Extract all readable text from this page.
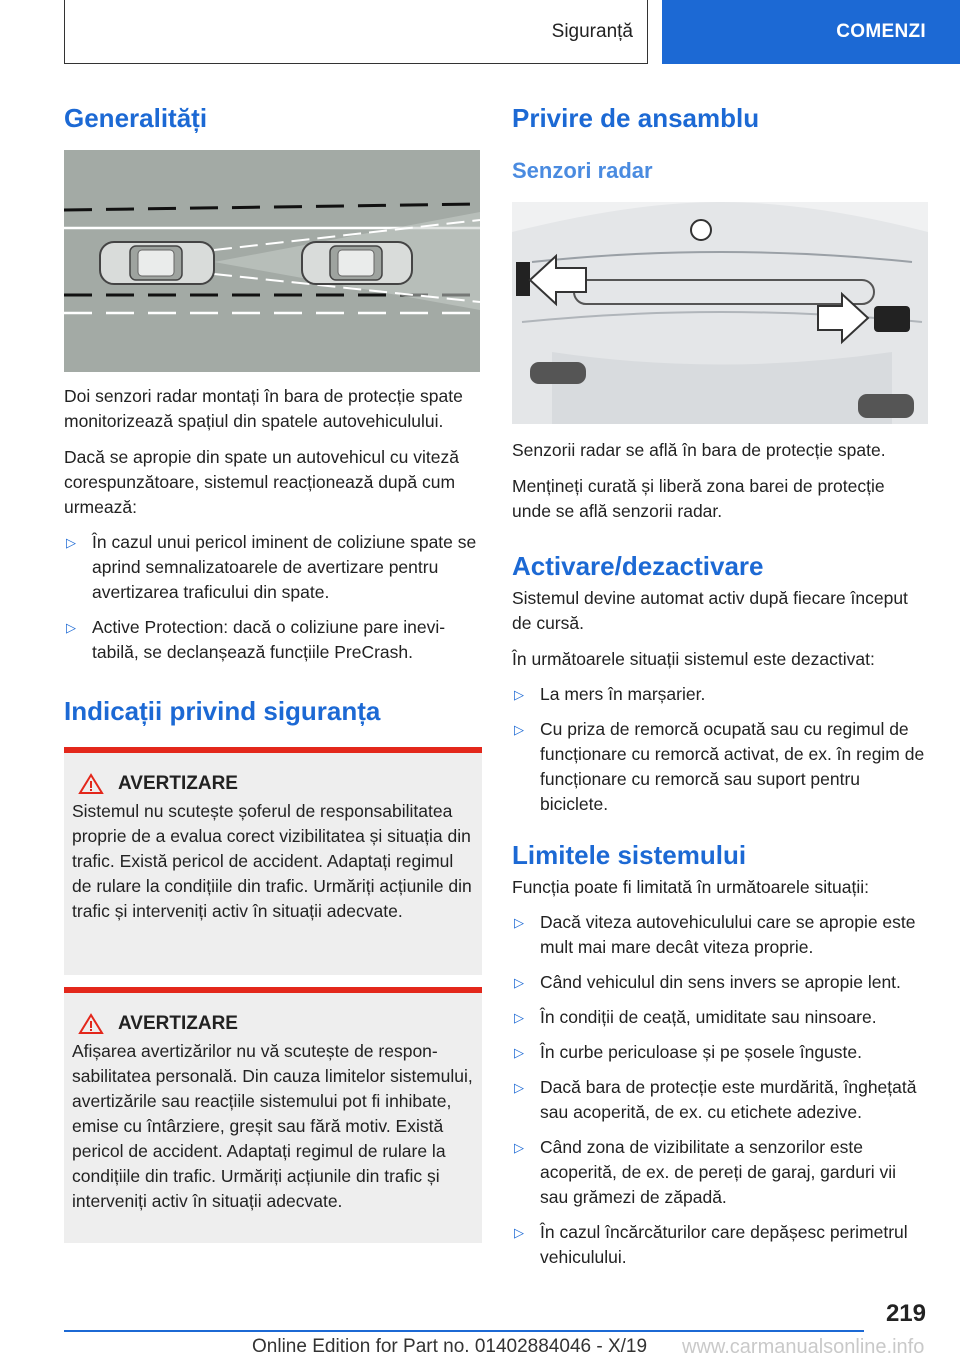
Siguranță	COMENZI
Generalități

Doi senzori radar montați în bara de protecție spate monitorizează spațiul din spatele autovehiculului.

Dacă se apropie din spate un autovehicul cu viteză corespunzătoare, sistemul reacționează după cum urmează:

▷ În cazul unui pericol iminent de coliziune spate se aprind semnalizatoarele de avertizare pentru avertizarea traficului din spate.
▷ Active Protection: dacă o coliziune pare inevitabilă, se declanșează funcțiile PreCrash.
Indicații privind siguranța
AVERTIZARE

Sistemul nu scutește șoferul de responsabilitatea proprie de a evalua corect vizibilitatea și situația din trafic. Există pericol de accident. Adaptați regimul de rulare la condițiile din trafic. Urmăriți acțiunile din trafic și interveniți activ în situații adecvate.

AVERTIZARE

Afișarea avertizărilor nu vă scutește de responsabilitatea personală. Din cauza limitelor sistemului, avertizările sau reacțiile sistemului pot fi inhibate, emise cu întârziere, greșit sau fără motiv. Există pericol de accident. Adaptați regimul de rulare la condițiile din trafic. Urmăriți acțiunile din trafic și interveniți activ în situații adecvate.

Privire de ansamblu
Senzori radar

Senzorii radar se află în bara de protecție spate.

Mențineți curată și liberă zona barei de protecție unde se află senzorii radar.

Activare/dezactivare

Sistemul devine automat activ după fiecare început de cursă.

În următoarele situații sistemul este dezactivat:

▷ La mers în marșarier.
▷ Cu priza de remorcă ocupată sau cu regimul de funcționare cu remorcă activat, de ex. în regim de funcționare cu remorcă sau suport pentru biciclete.
Limitele sistemului

Funcția poate fi limitată în următoarele situații:

▷ Dacă viteza autovehiculului care se apropie este mult mai mare decât viteza proprie.
▷ Când vehiculul din sens invers se apropie lent.
▷ În condiții de ceață, umiditate sau ninsoare.
▷ În curbe periculoase și pe șosele înguste.
▷ Dacă bara de protecție este murdărită, înghețată sau acoperită, de ex. cu etichete adezive.
▷ Când zona de vizibilitate a senzorilor este acoperită, de ex. de pereți de garaj, garduri vii sau grămezi de zăpadă.
▷ În cazul încărcăturilor care depășesc perimetrul vehiculului.
219
Online Edition for Part no. 01402884046 - X/19 www.carmanualsonline.info
